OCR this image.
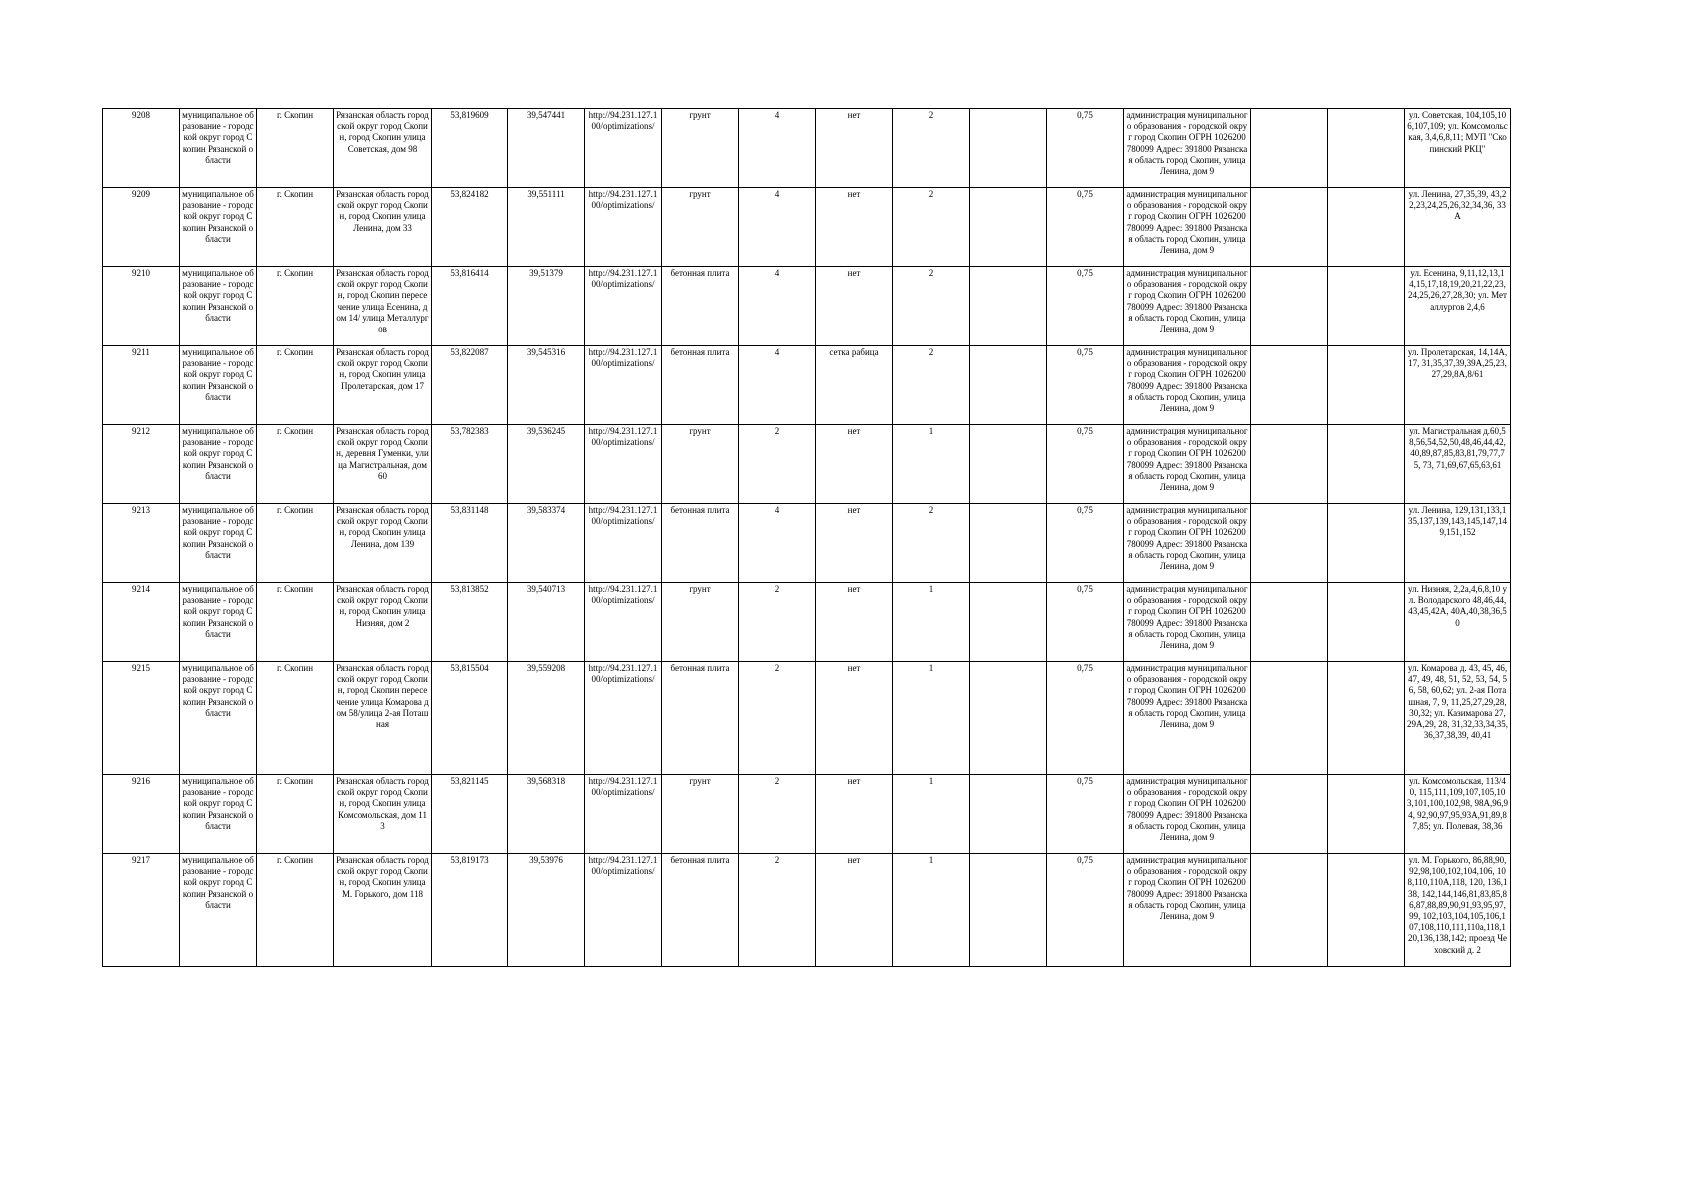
9208	муниципальное образование - городской округ город Скопин Рязанской области	г. Скопин	Рязанская область городской округ город Скопин, город Скопин улица Советская, дом 98	53,819609	39,547441	http://94.231.127.100/optimizations/	грунт	4	нет	2		0,75	администрация муниципального образования - городской округ город Скопин ОГРН 1026200780099 Адрес: 391800 Рязанская область город Скопин, улица Ленина, дом 9			ул. Советская, 104,105,106,107,109; ул. Комсомольская, 3,4,6,8,11; МУП "Скопинский РКЦ"
9209	муниципальное образование - городской округ город Скопин Рязанской области	г. Скопин	Рязанская область городской округ город Скопин, город Скопин улица Ленина, дом 33	53,824182	39,551111	http://94.231.127.100/optimizations/	грунт	4	нет	2		0,75	администрация муниципального образования - городской округ город Скопин ОГРН 1026200780099 Адрес: 391800 Рязанская область город Скопин, улица Ленина, дом 9			ул. Ленина, 27,35,39, 43,22,23,24,25,26,32,34,36, 33А
9210	муниципальное образование - городской округ город Скопин Рязанской области	г. Скопин	Рязанская область городской округ город Скопин, город Скопин пересечение улица Есенина, дом 14/ улица Металлургов	53,816414	39,51379	http://94.231.127.100/optimizations/	бетонная плита	4	нет	2		0,75	администрация муниципального образования - городской округ город Скопин ОГРН 1026200780099 Адрес: 391800 Рязанская область город Скопин, улица Ленина, дом 9			ул. Есенина, 9,11,12,13,14,15,17,18,19,20,21,22,23,24,25,26,27,28,30; ул. Металлургов 2,4,6
9211	муниципальное образование - городской округ город Скопин Рязанской области	г. Скопин	Рязанская область городской округ город Скопин, город Скопин улица Пролетарская, дом 17	53,822087	39,545316	http://94.231.127.100/optimizations/	бетонная плита	4	сетка рабица	2		0,75	администрация муниципального образования - городской округ город Скопин ОГРН 1026200780099 Адрес: 391800 Рязанская область город Скопин, улица Ленина, дом 9			ул. Пролетарская, 14,14А,17, 31,35,37,39,39А,25,23,27,29,8А,8/61
9212	муниципальное образование - городской округ город Скопин Рязанской области	г. Скопин	Рязанская область городской округ город Скопин, деревня Гуменки, улица Магистральная, дом 60	53,782383	39,536245	http://94.231.127.100/optimizations/	грунт	2	нет	1		0,75	администрация муниципального образования - городской округ город Скопин ОГРН 1026200780099 Адрес: 391800 Рязанская область город Скопин, улица Ленина, дом 9			ул. Магистральная д.60,58,56,54,52,50,48,46,44,42, 40,89,87,85,83,81,79,77,75, 73, 71,69,67,65,63,61
9213	муниципальное образование - городской округ город Скопин Рязанской области	г. Скопин	Рязанская область городской округ город Скопин, город Скопин улица Ленина, дом 139	53,831148	39,583374	http://94.231.127.100/optimizations/	бетонная плита	4	нет	2		0,75	администрация муниципального образования - городской округ город Скопин ОГРН 1026200780099 Адрес: 391800 Рязанская область город Скопин, улица Ленина, дом 9			ул. Ленина, 129,131,133,135,137,139,143,145,147,149,151,152
9214	муниципальное образование - городской округ город Скопин Рязанской области	г. Скопин	Рязанская область городской округ город Скопин, город Скопин улица Низняя, дом 2	53,813852	39,540713	http://94.231.127.100/optimizations/	грунт	2	нет	1		0,75	администрация муниципального образования - городской округ город Скопин ОГРН 1026200780099 Адрес: 391800 Рязанская область город Скопин, улица Ленина, дом 9			ул. Низняя, 2,2а,4,6,8,10 ул. Володарского 48,46,44,43,45,42А, 40А,40,38,36,50
9215	муниципальное образование - городской округ город Скопин Рязанской области	г. Скопин	Рязанская область городской округ город Скопин, город Скопин пересечение улица Комарова дом 58/улица 2-ая Поташная	53,815504	39,559208	http://94.231.127.100/optimizations/	бетонная плита	2	нет	1		0,75	администрация муниципального образования - городской округ город Скопин ОГРН 1026200780099 Адрес: 391800 Рязанская область город Скопин, улица Ленина, дом 9			ул. Комарова д. 43, 45, 46, 47, 49, 48, 51, 52, 53, 54, 56, 58, 60,62; ул. 2-ая Поташная, 7, 9, 11,25,27,29,28,30,32; ул. Казимарова 27,29А,29, 28, 31,32,33,34,35,36,37,38,39, 40,41
9216	муниципальное образование - городской округ город Скопин Рязанской области	г. Скопин	Рязанская область городской округ город Скопин, город Скопин улица Комсомольская, дом 113	53,821145	39,568318	http://94.231.127.100/optimizations/	грунт	2	нет	1		0,75	администрация муниципального образования - городской округ город Скопин ОГРН 1026200780099 Адрес: 391800 Рязанская область город Скопин, улица Ленина, дом 9			ул. Комсомольская, 113/40, 115,111,109,107,105,103,101,100,102,98, 98А,96,94, 92,90,97,95,93А,91,89,87,85; ул. Полевая, 38,36
9217	муниципальное образование - городской округ город Скопин Рязанской области	г. Скопин	Рязанская область городской округ город Скопин, город Скопин улица М. Горького, дом 118	53,819173	39,53976	http://94.231.127.100/optimizations/	бетонная плита	2	нет	1		0,75	администрация муниципального образования - городской округ город Скопин ОГРН 1026200780099 Адрес: 391800 Рязанская область город Скопин, улица Ленина, дом 9			ул. М. Горького, 86,88,90,92,98,100,102,104,106, 108,110,110А,118, 120, 136,138, 142,144,146,81,83,85,86,87,88,89,90,91,93,95,97,99, 102,103,104,105,106,107,108,110,111,110а,118,120,136,138,142; проезд Чеховский д. 2
